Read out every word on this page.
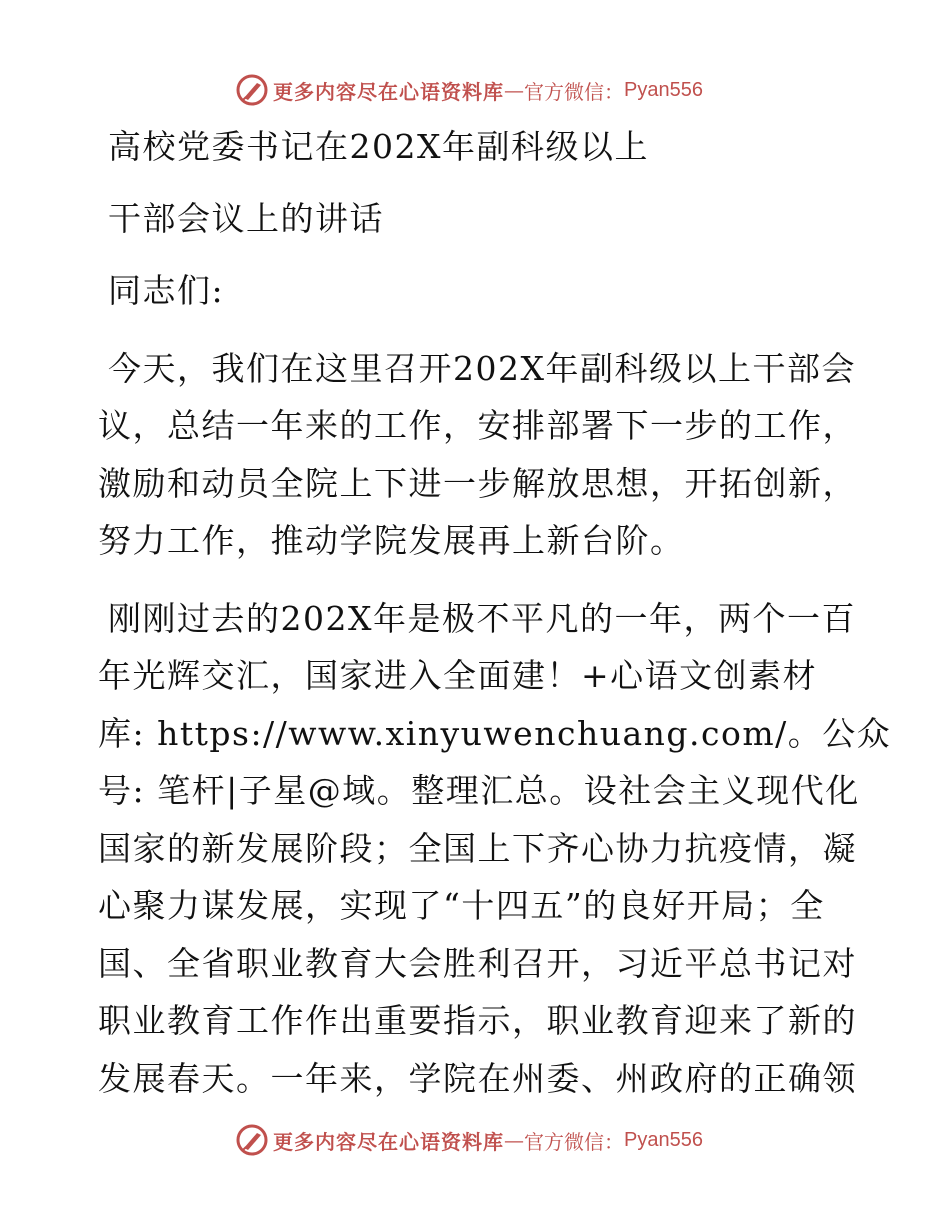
更多内容尽在心语资料库 — 官方微信： Pyan556
高校党委书记在202X年副科级以上
干部会议上的讲话
同志们:
今天，我们在这里召开202X年副科级以上干部会
议，总结一年来的工作，安排部署下一步的工作，
激励和动员全院上下进一步解放思想，开拓创新，
努力工作，推动学院发展再上新台阶。
刚刚过去的202X年是极不平凡的一年，两个一百
年光辉交汇，国家进入全面建！+心语文创素材
库: https://www.xinyuwenchuang.com/。公众
号: 笔杆|子星@域。整理汇总。设社会主义现代化
国家的新发展阶段；全国上下齐心协力抗疫情，凝
心聚力谋发展，实现了“十四五”的良好开局；全
国、全省职业教育大会胜利召开，习近平总书记对
职业教育工作作出重要指示，职业教育迎来了新的
发展春天。一年来，学院在州委、州政府的正确领
更多内容尽在心语资料库 — 官方微信： Pyan556
